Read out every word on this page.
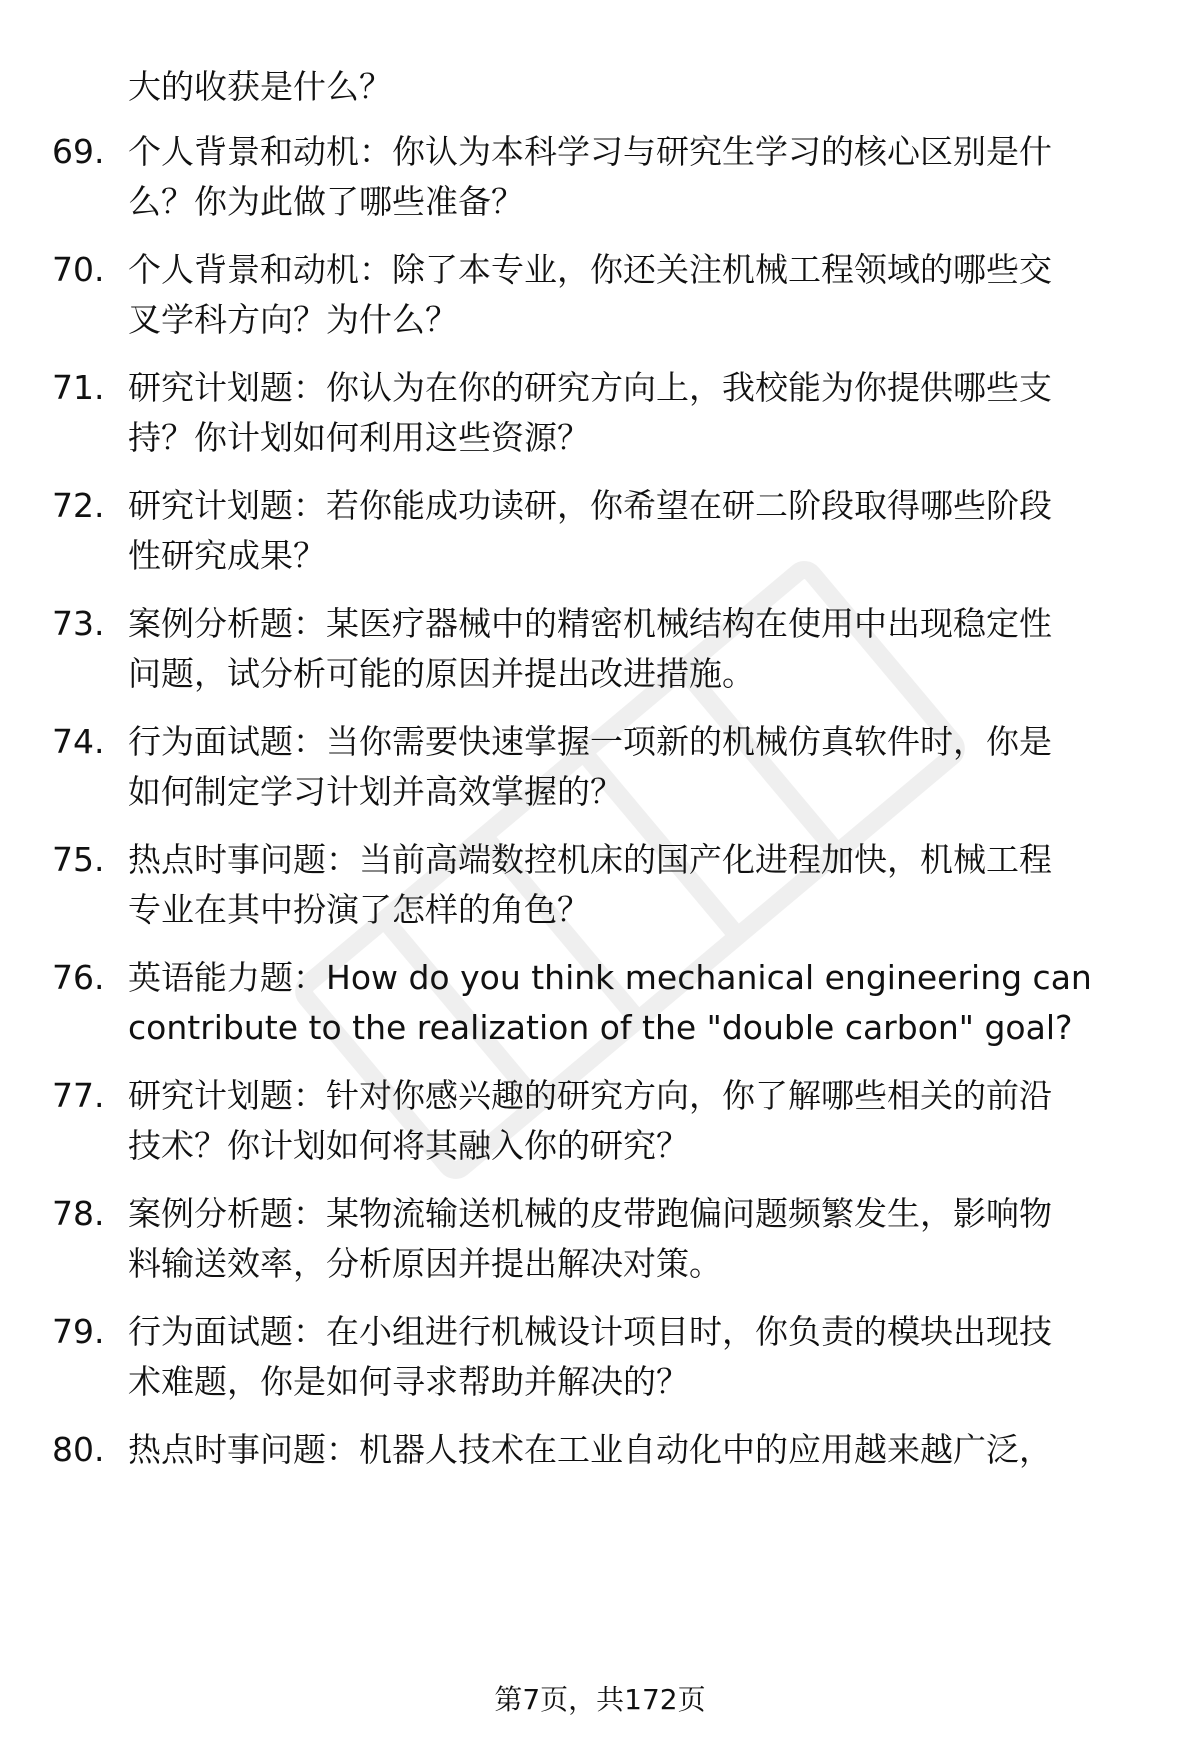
大的收获是什么？
69. 个人背景和动机：你认为本科学习与研究生学习的核心区别是什
么？你为此做了哪些准备？
70. 个人背景和动机：除了本专业，你还关注机械工程领域的哪些交
叉学科方向？为什么？
71. 研究计划题：你认为在你的研究方向上，我校能为你提供哪些支
持？你计划如何利用这些资源？
72. 研究计划题：若你能成功读研，你希望在研二阶段取得哪些阶段
性研究成果？
73. 案例分析题：某医疗器械中的精密机械结构在使用中出现稳定性
问题，试分析可能的原因并提出改进措施。
74. 行为面试题：当你需要快速掌握一项新的机械仿真软件时，你是
如何制定学习计划并高效掌握的？
75. 热点时事问题：当前高端数控机床的国产化进程加快，机械工程
专业在其中扮演了怎样的角色？
76. 英语能力题：How do you think mechanical engineering can
contribute to the realization of the "double carbon" goal?
77. 研究计划题：针对你感兴趣的研究方向，你了解哪些相关的前沿
技术？你计划如何将其融入你的研究？
78. 案例分析题：某物流输送机械的皮带跑偏问题频繁发生，影响物
料输送效率，分析原因并提出解决对策。
79. 行为面试题：在小组进行机械设计项目时，你负责的模块出现技
术难题，你是如何寻求帮助并解决的？
80. 热点时事问题：机器人技术在工业自动化中的应用越来越广泛，
第7页，共172页
